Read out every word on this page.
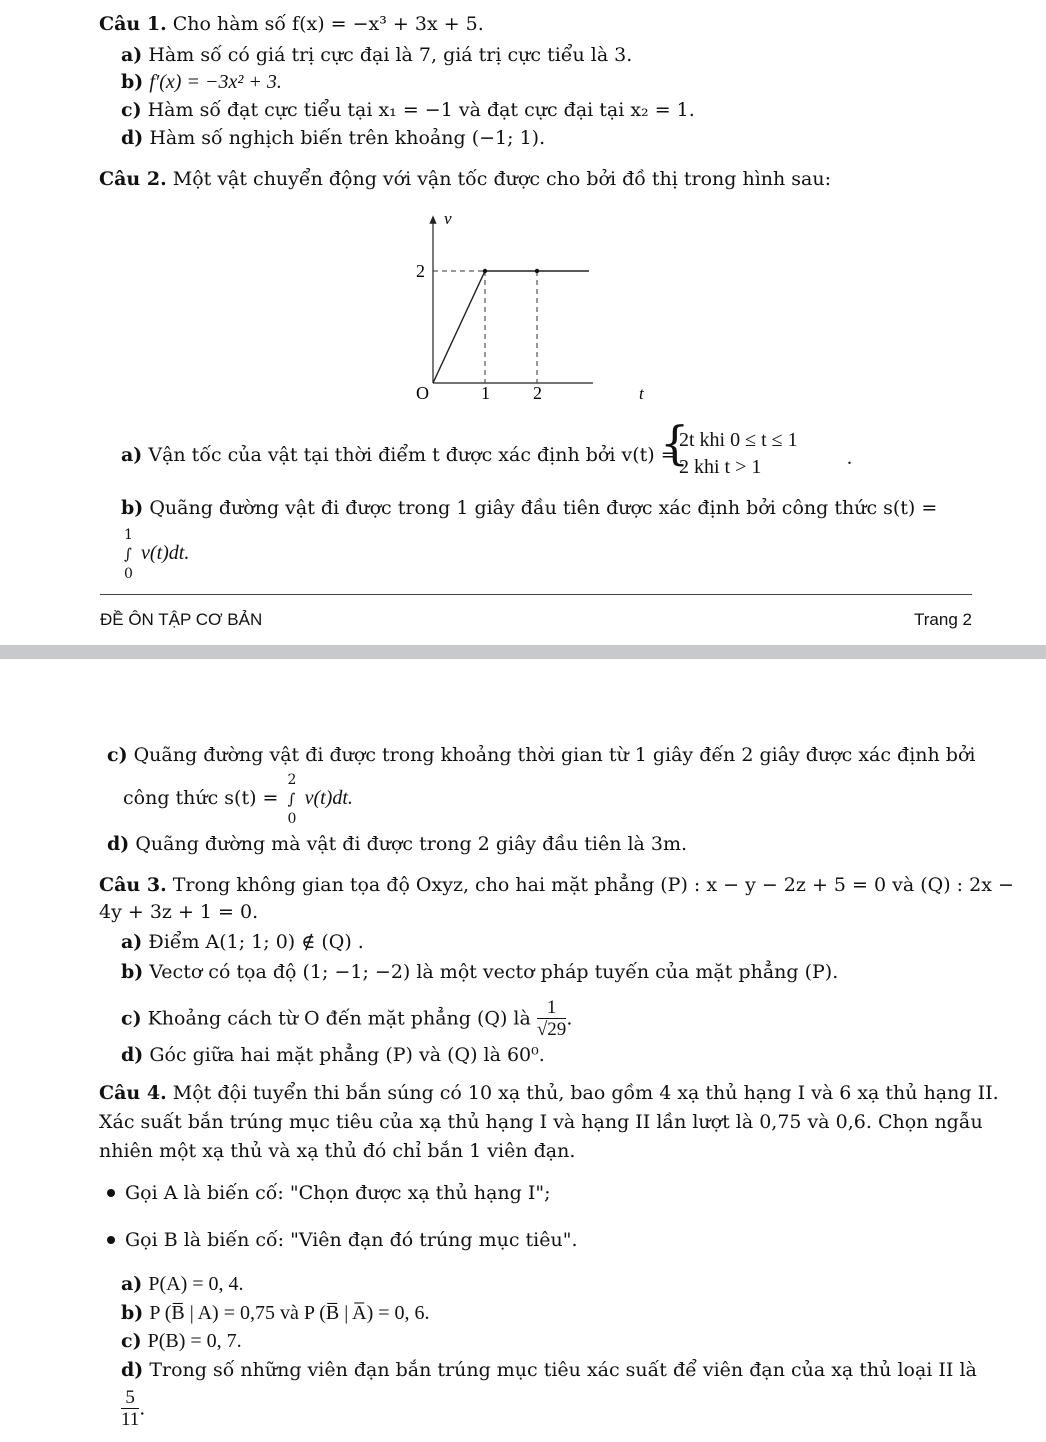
Câu 1. Cho hàm số f(x) = −x³ + 3x + 5.
a) Hàm số có giá trị cực đại là 7, giá trị cực tiểu là 3.
b) f′(x) = −3x² + 3.
c) Hàm số đạt cực tiểu tại x₁ = −1 và đạt cực đại tại x₂ = 1.
d) Hàm số nghịch biến trên khoảng (−1; 1).
Câu 2. Một vật chuyển động với vận tốc được cho bởi đồ thị trong hình sau:
v
O	t
1 2
2
a) Vận tốc của vật tại thời điểm t được xác định bởi v(t) =
{
2t khi 0 ≤ t ≤ 1
2 khi t > 1	.
b) Quãng đường vật đi được trong 1 giây đầu tiên được xác định bởi công thức s(t) =
∫
1
0
v(t)dt.
ĐỀ ÔN TẬP CƠ BẢN	Trang 2
c) Quãng đường vật đi được trong khoảng thời gian từ 1 giây đến 2 giây được xác định bởi
công thức s(t) = ∫
2
0
v(t)dt.
d) Quãng đường mà vật đi được trong 2 giây đầu tiên là 3m.
Câu 3. Trong không gian tọa độ Oxyz, cho hai mặt phẳng (P) : x − y − 2z + 5 = 0 và (Q) : 2x −
4y + 3z + 1 = 0.
a) Điểm A(1; 1; 0) ∉ (Q) .
b) Vectơ có tọa độ (1; −1; −2) là một vectơ pháp tuyến của mặt phẳng (P).
c) Khoảng cách từ O đến mặt phẳng (Q) là $\frac{1}{√29}$ .
d) Góc giữa hai mặt phẳng (P) và (Q) là 60⁰.
Câu 4. Một đội tuyển thi bắn súng có 10 xạ thủ, bao gồm 4 xạ thủ hạng I và 6 xạ thủ hạng II.
Xác suất bắn trúng mục tiêu của xạ thủ hạng I và hạng II lần lượt là 0,75 và 0,6. Chọn ngẫu
nhiên một xạ thủ và xạ thủ đó chỉ bắn 1 viên đạn.
Gọi A là biến cố: "Chọn được xạ thủ hạng I";
Gọi B là biến cố: "Viên đạn đó trúng mục tiêu".
a) P(A) = 0, 4.
b) P (B̅ | A) = 0,75 và P (B̅ | A̅) = 0, 6.
c) P(B) = 0, 7.
d) Trong số những viên đạn bắn trúng mục tiêu xác suất để viên đạn của xạ thủ loại II là
$\frac{5}{11}$ .
